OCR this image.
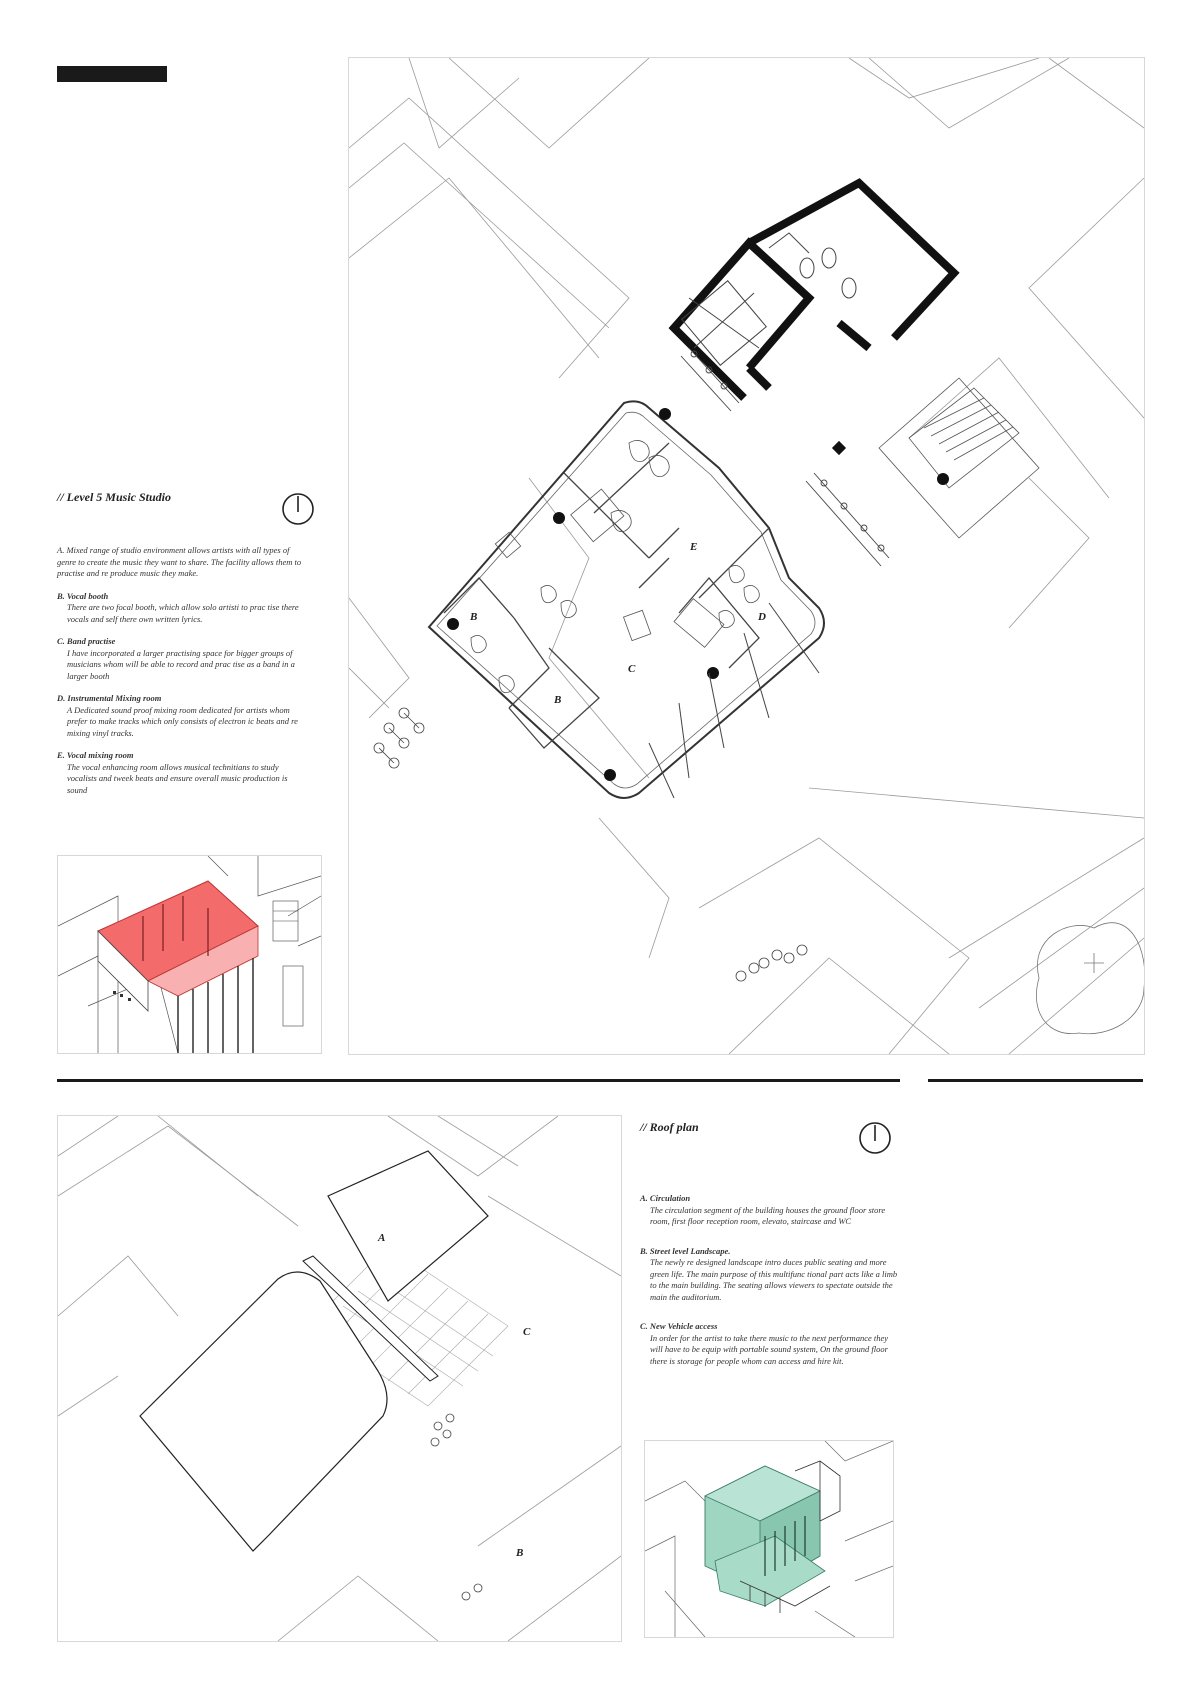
// Level 5 Music Studio
A. Mixed range of studio environment allows artists with all types of genre to create the music they want to share. The facility allows them to practise and re produce music they make.
B. Vocal booth
There are two focal booth, which allow solo artisti to prac tise there vocals and self there own written lyrics.
C. Band practise
I have incorporated a larger practising space for bigger groups of musicians whom will be able to record and prac tise as a band in a larger booth
D. Instrumental Mixing room
A Dedicated sound proof mixing room dedicated for artists whom prefer to make tracks which only consists of electron ic beats and re mixing vinyl tracks.
E. Vocal mixing room
The vocal enhancing room allows musical technitians to study vocalists and tweek beats and ensure overall music production is sound
B
B
C
D
E
A
B
C
// Roof plan
A. Circulation
The circulation segment of the building houses the ground floor store room, first floor reception room, elevato, staircase and WC
B. Street level Landscape.
The newly re designed landscape intro duces public seating and more green life. The main purpose of this multifunc tional part acts like a limb to the main building. The seating allows viewers to spectate outside the main the auditorium.
C. New Vehicle access
In order for the artist to take there music to the next performance they will have to be equip with portable sound system, On the ground floor there is storage for people whom can access and hire kit.
